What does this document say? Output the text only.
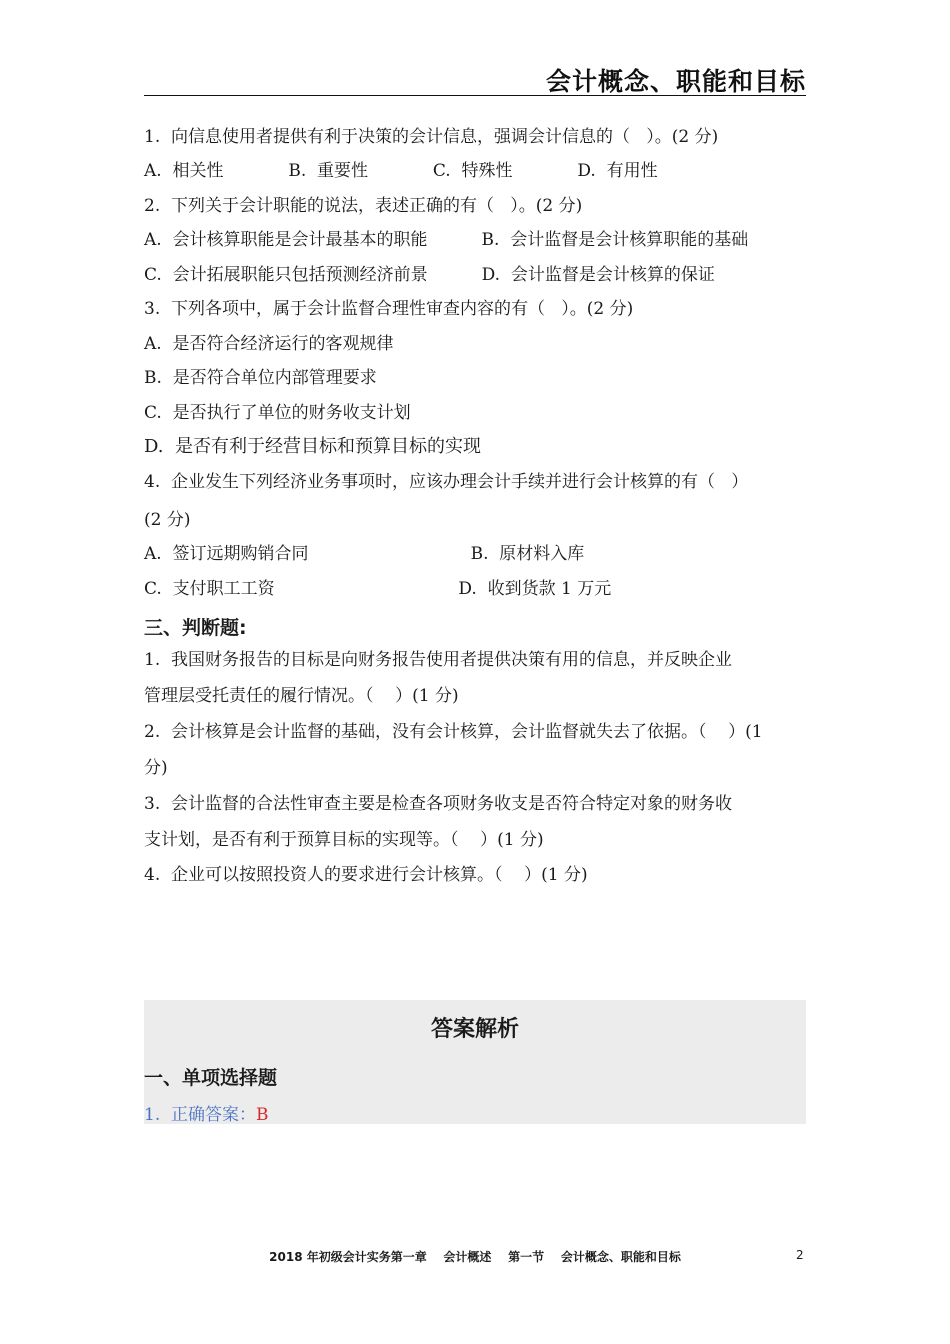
会计概念、职能和目标
1.  向信息使用者提供有利于决策的会计信息，强调会计信息的（   ）。(2 分)
A.  相关性            B.  重要性            C.  特殊性            D.  有用性
2.  下列关于会计职能的说法，表述正确的有（   ）。(2 分)
A.  会计核算职能是会计最基本的职能          B.  会计监督是会计核算职能的基础
C.  会计拓展职能只包括预测经济前景          D.  会计监督是会计核算的保证
3.  下列各项中，属于会计监督合理性审查内容的有（   ）。(2 分)
A.  是否符合经济运行的客观规律
B.  是否符合单位内部管理要求
C.  是否执行了单位的财务收支计划
D.  是否有利于经营目标和预算目标的实现
4.  企业发生下列经济业务事项时，应该办理会计手续并进行会计核算的有（   ）
(2 分)
A.  签订远期购销合同                              B.  原材料入库
C.  支付职工工资                                  D.  收到货款 1 万元
三、判断题:
1.  我国财务报告的目标是向财务报告使用者提供决策有用的信息，并反映企业
管理层受托责任的履行情况。（    ）(1 分)
2.  会计核算是会计监督的基础，没有会计核算，会计监督就失去了依据。（    ）(1
分)
3.  会计监督的合法性审查主要是检查各项财务收支是否符合特定对象的财务收
支计划，是否有利于预算目标的实现等。（    ）(1 分)
4.  企业可以按照投资人的要求进行会计核算。（    ）(1 分)
答案解析
一、单项选择题
1.  正确答案：B
2018 年初级会计实务第一章    会计概述    第一节    会计概念、职能和目标	2
